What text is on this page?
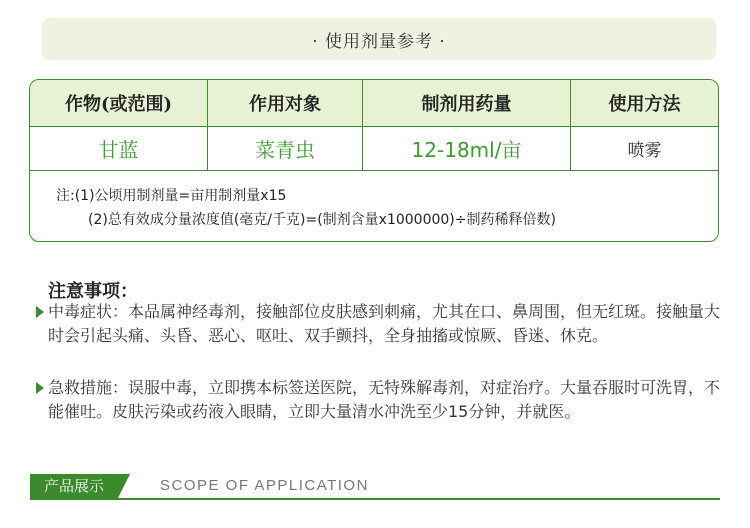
· 使用剂量参考 ·
作物(或范围)	作用对象	制剂用药量	使用方法
甘蓝	菜青虫	12-18ml/亩	喷雾
注:(1)公顷用制剂量=亩用制剂量x15
(2)总有效成分量浓度值(毫克/千克)=(制剂含量x1000000)÷制药稀释倍数)
注意事项：
中毒症状：本品属神经毒剂，接触部位皮肤感到刺痛，尤其在口、鼻周围，但无红斑。接触量大时会引起头痛、头昏、恶心、呕吐、双手颤抖，全身抽搐或惊厥、昏迷、休克。
急救措施：误服中毒，立即携本标签送医院，无特殊解毒剂，对症治疗。大量吞服时可洗胃，不能催吐。皮肤污染或药液入眼睛，立即大量清水冲洗至少15分钟，并就医。
产品展示	SCOPE OF APPLICATION
